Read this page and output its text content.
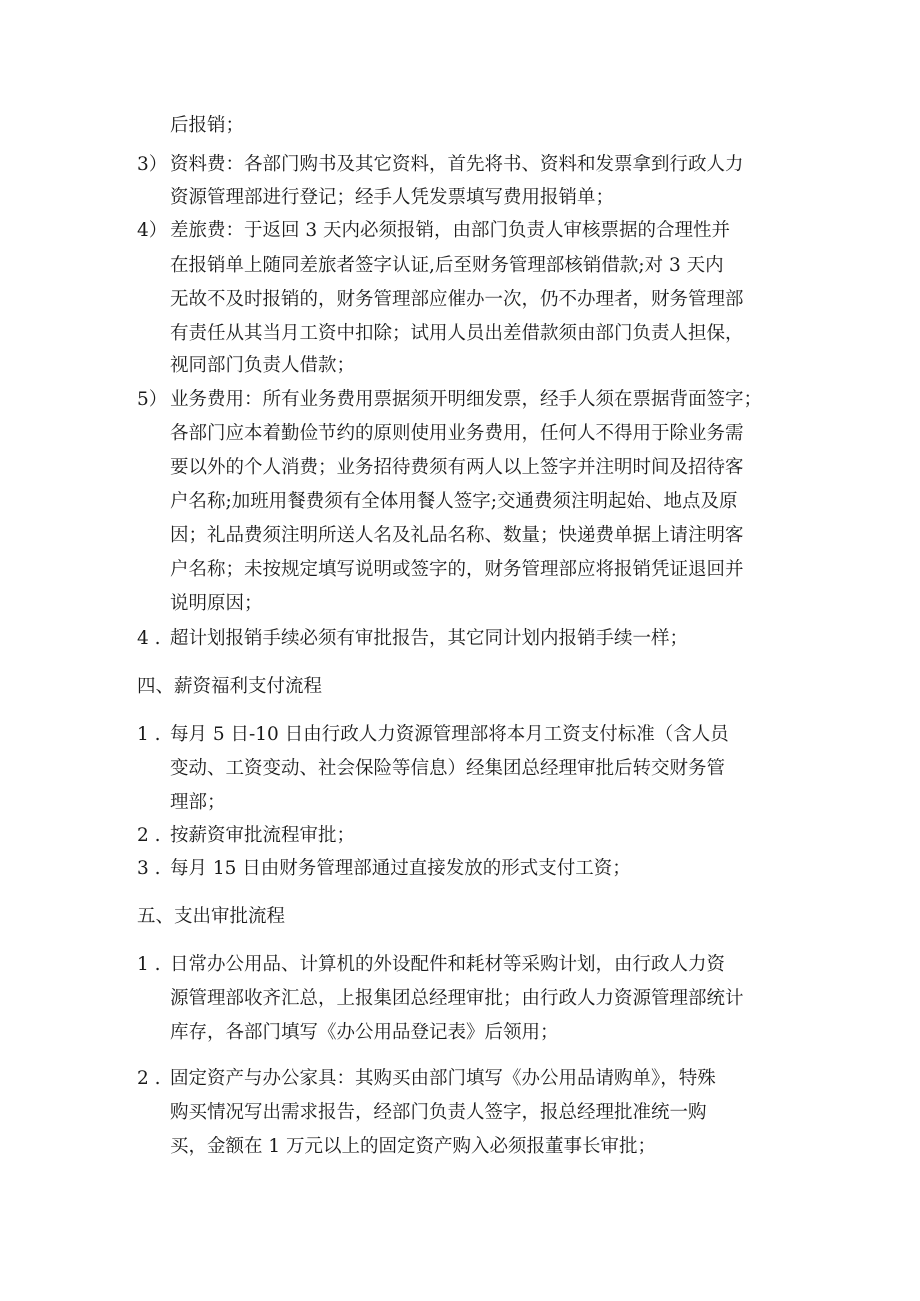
后报销；
3） 资料费：各部门购书及其它资料，首先将书、资料和发票拿到行政人力
资源管理部进行登记；经手人凭发票填写费用报销单；
4） 差旅费：于返回 3 天内必须报销，由部门负责人审核票据的合理性并
在报销单上随同差旅者签字认证,后至财务管理部核销借款;对 3 天内
无故不及时报销的，财务管理部应催办一次，仍不办理者，财务管理部
有责任从其当月工资中扣除；试用人员出差借款须由部门负责人担保，
视同部门负责人借款；
5） 业务费用：所有业务费用票据须开明细发票，经手人须在票据背面签字；
各部门应本着勤俭节约的原则使用业务费用，任何人不得用于除业务需
要以外的个人消费；业务招待费须有两人以上签字并注明时间及招待客
户名称;加班用餐费须有全体用餐人签字;交通费须注明起始、地点及原
因；礼品费须注明所送人名及礼品名称、数量；快递费单据上请注明客
户名称；未按规定填写说明或签字的，财务管理部应将报销凭证退回并
说明原因；
4 . 超计划报销手续必须有审批报告，其它同计划内报销手续一样；
四、薪资福利支付流程
1 . 每月 5 日-10 日由行政人力资源管理部将本月工资支付标准（含人员
变动、工资变动、社会保险等信息）经集团总经理审批后转交财务管
理部；
2 . 按薪资审批流程审批；
3 . 每月 15 日由财务管理部通过直接发放的形式支付工资；
五、支出审批流程
1 . 日常办公用品、计算机的外设配件和耗材等采购计划，由行政人力资
源管理部收齐汇总，上报集团总经理审批；由行政人力资源管理部统计
库存，各部门填写《办公用品登记表》后领用；
2 . 固定资产与办公家具：其购买由部门填写《办公用品请购单》，特殊
购买情况写出需求报告，经部门负责人签字，报总经理批准统一购
买，金额在 1 万元以上的固定资产购入必须报董事长审批；
